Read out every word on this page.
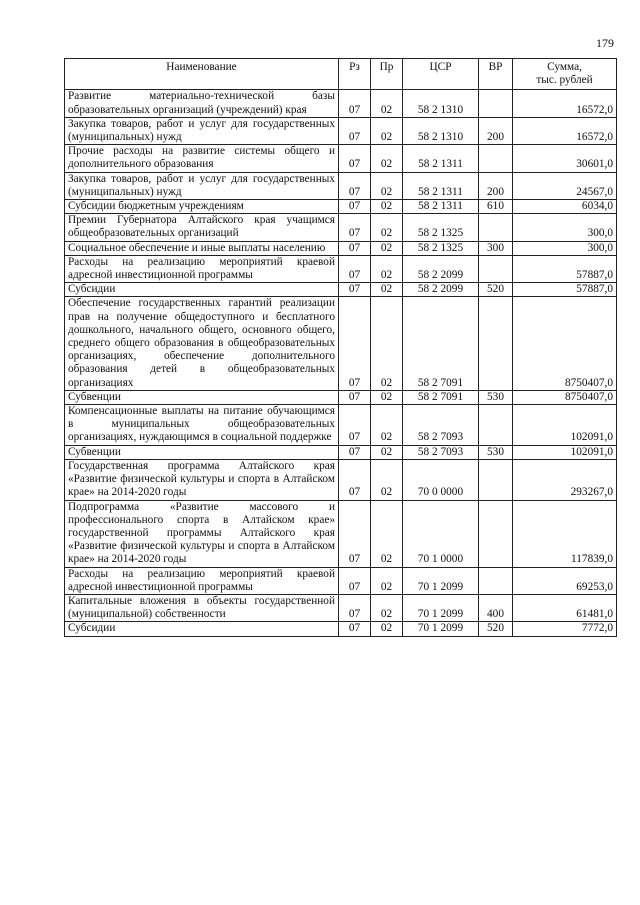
179
Наименование	Рз	Пр	ЦСР	ВР	Сумма,
тыс. рублей
Развитие материально-технической базы образовательных организаций (учреждений) края	07	02	58 2 1310		16572,0
Закупка товаров, работ и услуг для государственных (муниципальных) нужд	07	02	58 2 1310	200	16572,0
Прочие расходы на развитие системы общего и дополнительного образования	07	02	58 2 1311		30601,0
Закупка товаров, работ и услуг для государственных (муниципальных) нужд	07	02	58 2 1311	200	24567,0
Субсидии бюджетным учреждениям	07	02	58 2 1311	610	6034,0
Премии Губернатора Алтайского края учащимся общеобразовательных организаций	07	02	58 2 1325		300,0
Социальное обеспечение и иные выплаты населению	07	02	58 2 1325	300	300,0
Расходы на реализацию мероприятий краевой адресной инвестиционной программы	07	02	58 2 2099		57887,0
Субсидии	07	02	58 2 2099	520	57887,0
Обеспечение государственных гарантий реализации прав на получение общедоступного и бесплатного дошкольного, начального общего, основного общего, среднего общего образования в общеобразовательных организациях, обеспечение дополнительного образования детей в общеобразовательных организациях	07	02	58 2 7091		8750407,0
Субвенции	07	02	58 2 7091	530	8750407,0
Компенсационные выплаты на питание обучающимся в муниципальных общеобразовательных организациях, нуждающимся в социальной поддержке	07	02	58 2 7093		102091,0
Субвенции	07	02	58 2 7093	530	102091,0
Государственная программа Алтайского края «Развитие физической культуры и спорта в Алтайском крае» на 2014-2020 годы	07	02	70 0 0000		293267,0
Подпрограмма «Развитие массового и профессионального спорта в Алтайском крае» государственной программы Алтайского края «Развитие физической культуры и спорта в Алтайском крае» на 2014-2020 годы	07	02	70 1 0000		117839,0
Расходы на реализацию мероприятий краевой адресной инвестиционной программы	07	02	70 1 2099		69253,0
Капитальные вложения в объекты государственной (муниципальной) собственности	07	02	70 1 2099	400	61481,0
Субсидии	07	02	70 1 2099	520	7772,0
